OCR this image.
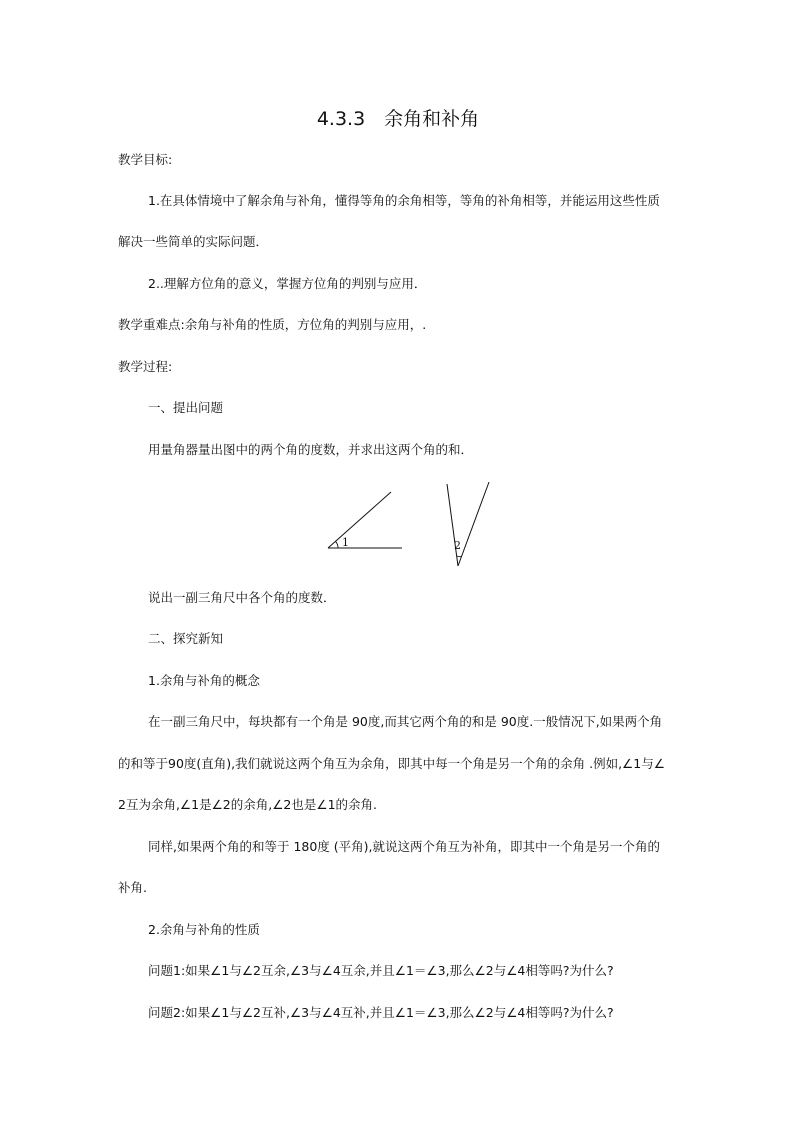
4.3.3　余角和补角
教学目标:
1.在具体情境中了解余角与补角，懂得等角的余角相等，等角的补角相等，并能运用这些性质
解决一些简单的实际问题．
2..理解方位角的意义，掌握方位角的判别与应用．
教学重难点:余角与补角的性质，方位角的判别与应用，.
教学过程:
一、提出问题
用量角器量出图中的两个角的度数，并求出这两个角的和．
1	2
说出一副三角尺中各个角的度数．
二、探究新知
1.余角与补角的概念
在一副三角尺中，每块都有一个角是 90度,而其它两个角的和是 90度.一般情况下,如果两个角
的和等于90度(直角),我们就说这两个角互为余角，即其中每一个角是另一个角的余角 .例如,∠1与∠
2互为余角,∠1是∠2的余角,∠2也是∠1的余角.
同样,如果两个角的和等于 180度 (平角),就说这两个角互为补角，即其中一个角是另一个角的
补角.
2.余角与补角的性质
问题1:如果∠1与∠2互余,∠3与∠4互余,并且∠1＝∠3,那么∠2与∠4相等吗?为什么?
问题2:如果∠1与∠2互补,∠3与∠4互补,并且∠1＝∠3,那么∠2与∠4相等吗?为什么?
